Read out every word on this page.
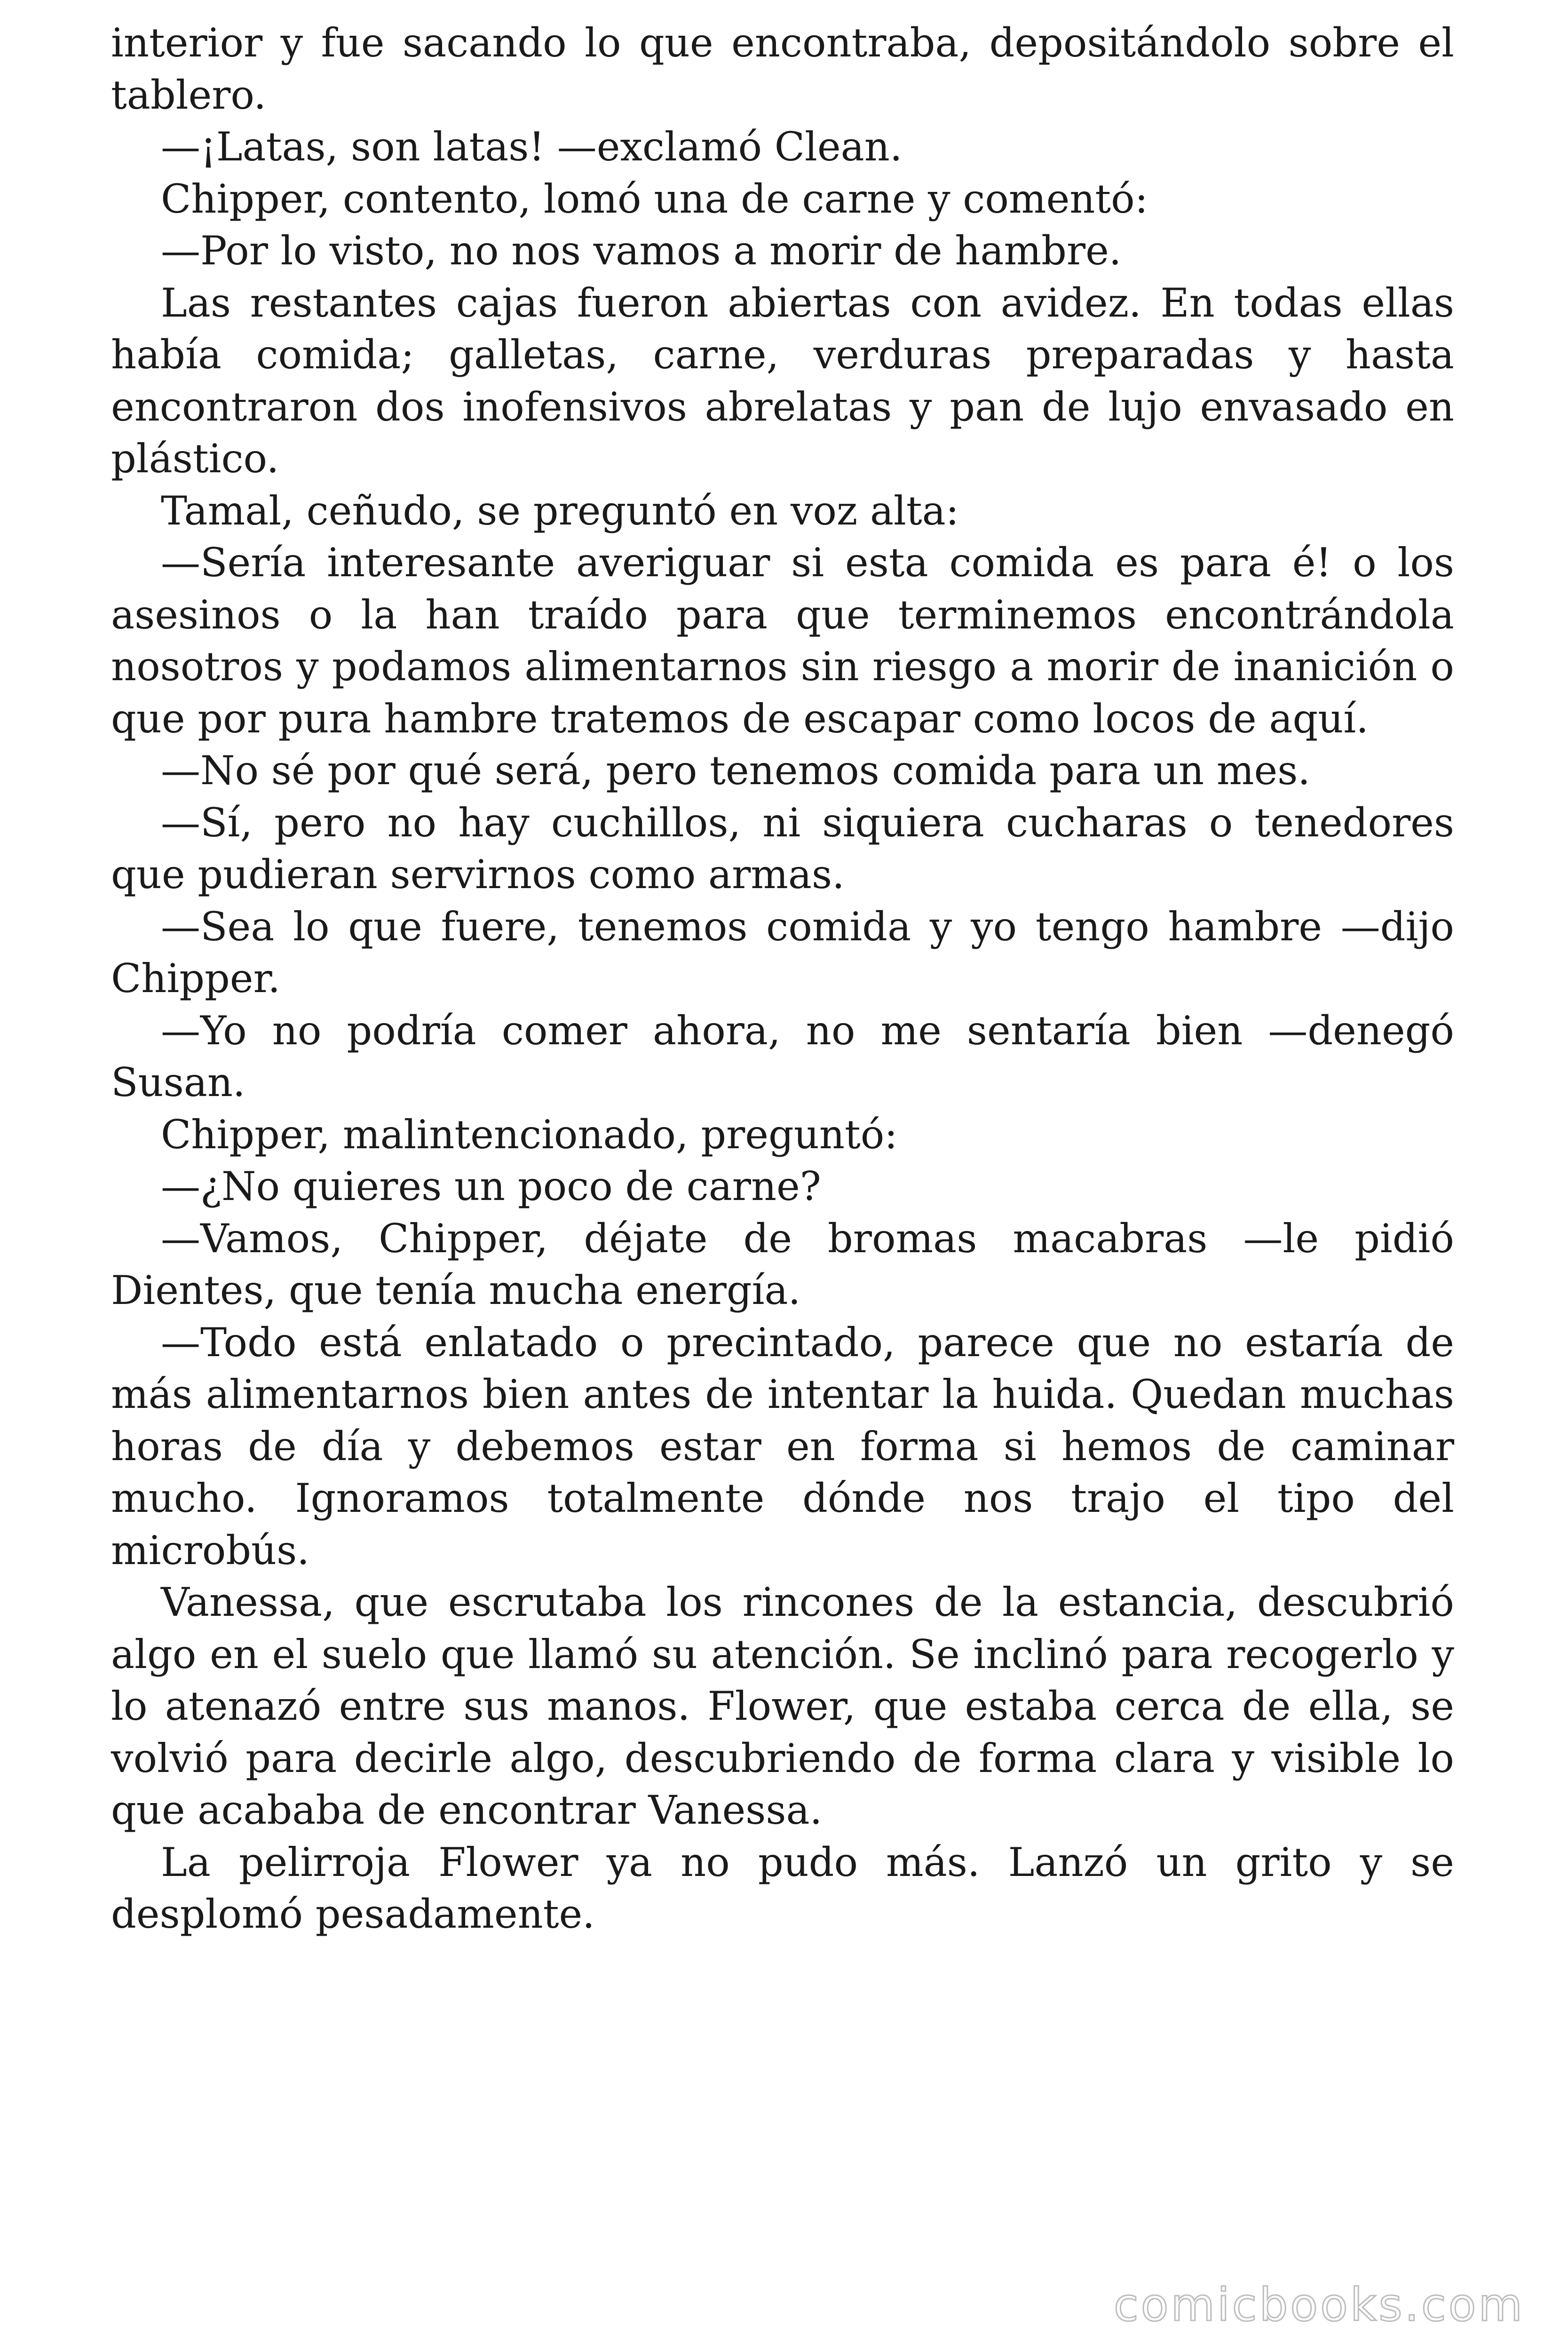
interior y fue sacando lo que encontraba, depositándolo sobre el tablero.

—¡Latas, son latas! —exclamó Clean.

Chipper, contento, lomó una de carne y comentó:

—Por lo visto, no nos vamos a morir de hambre.

Las restantes cajas fueron abiertas con avidez. En todas ellas había comida; galletas, carne, verduras preparadas y hasta encontraron dos inofensivos abrelatas y pan de lujo envasado en plástico.

Tamal, ceñudo, se preguntó en voz alta:

—Sería interesante averiguar si esta comida es para é! o los asesinos o la han traído para que terminemos encontrándola nosotros y podamos alimentarnos sin riesgo a morir de inanición o que por pura hambre tratemos de escapar como locos de aquí.

—No sé por qué será, pero tenemos comida para un mes.

—Sí, pero no hay cuchillos, ni siquiera cucharas o tenedores que pudieran servirnos como armas.

—Sea lo que fuere, tenemos comida y yo tengo hambre —dijo Chipper.

—Yo no podría comer ahora, no me sentaría bien —denegó Susan.

Chipper, malintencionado, preguntó:

—¿No quieres un poco de carne?

—Vamos, Chipper, déjate de bromas macabras —le pidió Dientes, que tenía mucha energía.

—Todo está enlatado o precintado, parece que no estaría de más alimentarnos bien antes de intentar la huida. Quedan muchas horas de día y debemos estar en forma si hemos de caminar mucho. Ignoramos totalmente dónde nos trajo el tipo del microbús.

Vanessa, que escrutaba los rincones de la estancia, descubrió algo en el suelo que llamó su atención. Se inclinó para recogerlo y lo atenazó entre sus manos. Flower, que estaba cerca de ella, se volvió para decirle algo, descubriendo de forma clara y visible lo que acababa de encontrar Vanessa.

La pelirroja Flower ya no pudo más. Lanzó un grito y se desplomó pesadamente.

comicbooks.com
